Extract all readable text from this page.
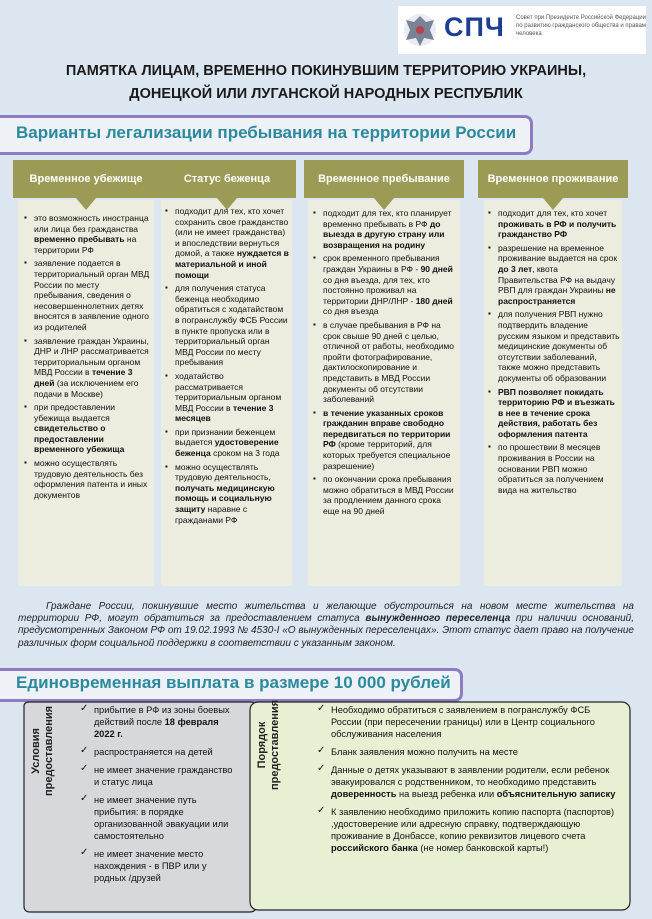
СПЧ Совет при Президенте Российской Федерации по развитию гражданского общества и правам человека
ПАМЯТКА ЛИЦАМ, ВРЕМЕННО ПОКИНУВШИМ ТЕРРИТОРИЮ УКРАИНЫ,
ДОНЕЦКОЙ ИЛИ ЛУГАНСКОЙ НАРОДНЫХ РЕСПУБЛИК
Варианты легализации пребывания на территории России
Временное убежище
▪ это возможность иностранца или лица без гражданства временно пребывать на территории РФ
▪ заявление подается в территориальный орган МВД России по месту пребывания, сведения о несовершеннолетних детях вносятся в заявление одного из родителей
▪ заявление граждан Украины, ДНР и ЛНР рассматривается территориальным органом МВД России в течение 3 дней (за исключением его подачи в Москве)
▪ при предоставлении убежища выдается свидетельство о предоставлении временного убежища
▪ можно осуществлять трудовую деятельность без оформления патента и иных документов
Статус беженца
▪ подходит для тех, кто хочет сохранить свое гражданство (или не имеет гражданства) и впоследствии вернуться домой, а также нуждается в материальной и иной помощи
▪ для получения статуса беженца необходимо обратиться с ходатайством в погранслужбу ФСБ России в пункте пропуска или в территориальный орган МВД России по месту пребывания
▪ ходатайство рассматривается территориальным органом МВД России в течение 3 месяцев
▪ при признании беженцем выдается удостоверение беженца сроком на 3 года
▪ можно осуществлять трудовую деятельность, получать медицинскую помощь и социальную защиту наравне с гражданами РФ
Временное пребывание
▪ подходит для тех, кто планирует временно пребывать в РФ до выезда в другую страну или возвращения на родину
▪ срок временного пребывания граждан Украины в РФ - 90 дней со дня въезда, для тех, кто постоянно проживал на территории ДНР/ЛНР - 180 дней со дня въезда
▪ в случае пребывания в РФ на срок свыше 90 дней с целью, отличной от работы, необходимо пройти фотографирование, дактилоскопирование и представить в МВД России документы об отсутствии заболеваний
▪ в течение указанных сроков гражданин вправе свободно передвигаться по территории РФ (кроме территорий, для которых требуется специальное разрешение)
▪ по окончании срока пребывания можно обратиться в МВД России за продлением данного срока еще на 90 дней
Временное проживание
▪ подходит для тех, кто хочет проживать в РФ и получить гражданство РФ
▪ разрешение на временное проживание выдается на срок до 3 лет, квота Правительства РФ на выдачу РВП для граждан Украины не распространяется
▪ для получения РВП нужно подтвердить владение русским языком и представить медицинские документы об отсутствии заболеваний, также можно представить документы об образовании
▪ РВП позволяет покидать территорию РФ и въезжать в нее в течение срока действия, работать без оформления патента
▪ по прошествии 8 месяцев проживания в России на основании РВП можно обратиться за получением вида на жительство
Граждане России, покинувшие место жительства и желающие обустроиться на новом месте жительства на территории РФ, могут обратиться за предоставлением статуса вынужденного переселенца при наличии оснований, предусмотренных Законом РФ от 19.02.1993 № 4530-I «О вынужденных переселенцах». Этот статус дает право на получение различных форм социальной поддержки в соответствии с указанным законом.
Единовременная выплата в размере 10 000 рублей
Условия предоставления	✓ прибытие в РФ из зоны боевых действий после 18 февраля 2022 г.
✓ распространяется на детей
✓ не имеет значение гражданство и статус лица
✓ не имеет значение путь прибытия: в порядке организованной эвакуации или самостоятельно
✓ не имеет значение место нахождения - в ПВР или у родных /друзей
Порядок предоставления	✓ Необходимо обратиться с заявлением в погранслужбу ФСБ России (при пересечении границы) или в Центр социального обслуживания населения
✓ Бланк заявления можно получить на месте
✓ Данные о детях указывают в заявлении родители, если ребенок эвакуировался с родственником, то необходимо представить доверенность на выезд ребенка или объяснительную записку
✓ К заявлению необходимо приложить копию паспорта (паспортов) ,удостоверение или адресную справку, подтверждающую проживание в Донбассе, копию реквизитов лицевого счета российского банка (не номер банковской карты!)
